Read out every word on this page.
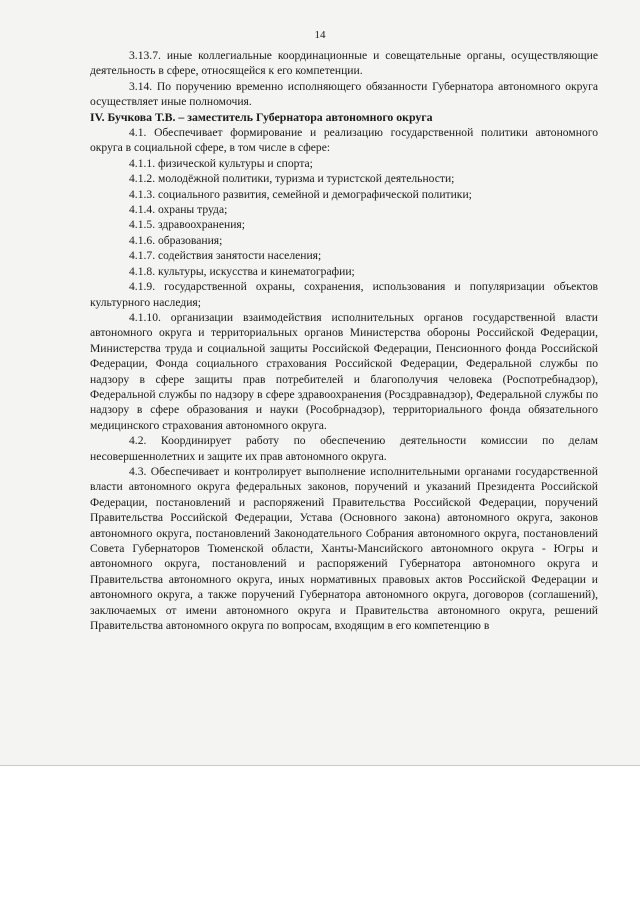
14

3.13.7. иные коллегиальные координационные и совещательные органы, осуществляющие деятельность в сфере, относящейся к его компетенции.

3.14. По поручению временно исполняющего обязанности Губернатора автономного округа осуществляет иные полномочия.

IV. Бучкова Т.В. – заместитель Губернатора автономного округа

4.1. Обеспечивает формирование и реализацию государственной политики автономного округа в социальной сфере, в том числе в сфере:

4.1.1. физической культуры и спорта;

4.1.2. молодёжной политики, туризма и туристской деятельности;

4.1.3. социального развития, семейной и демографической политики;

4.1.4. охраны труда;

4.1.5. здравоохранения;

4.1.6. образования;

4.1.7. содействия занятости населения;

4.1.8. культуры, искусства и кинематографии;

4.1.9. государственной охраны, сохранения, использования и популяризации объектов культурного наследия;

4.1.10. организации взаимодействия исполнительных органов государственной власти автономного округа и территориальных органов Министерства обороны Российской Федерации, Министерства труда и социальной защиты Российской Федерации, Пенсионного фонда Российской Федерации, Фонда социального страхования Российской Федерации, Федеральной службы по надзору в сфере защиты прав потребителей и благополучия человека (Роспотребнадзор), Федеральной службы по надзору в сфере здравоохранения (Росздравнадзор), Федеральной службы по надзору в сфере образования и науки (Рособрнадзор), территориального фонда обязательного медицинского страхования автономного округа.

4.2. Координирует работу по обеспечению деятельности комиссии по делам несовершеннолетних и защите их прав автономного округа.

4.3. Обеспечивает и контролирует выполнение исполнительными органами государственной власти автономного округа федеральных законов, поручений и указаний Президента Российской Федерации, постановлений и распоряжений Правительства Российской Федерации, поручений Правительства Российской Федерации, Устава (Основного закона) автономного округа, законов автономного округа, постановлений Законодательного Собрания автономного округа, постановлений Совета Губернаторов Тюменской области, Ханты-Мансийского автономного округа - Югры и автономного округа, постановлений и распоряжений Губернатора автономного округа и Правительства автономного округа, иных нормативных правовых актов Российской Федерации и автономного округа, а также поручений Губернатора автономного округа, договоров (соглашений), заключаемых от имени автономного округа и Правительства автономного округа, решений Правительства автономного округа по вопросам, входящим в его компетенцию в
